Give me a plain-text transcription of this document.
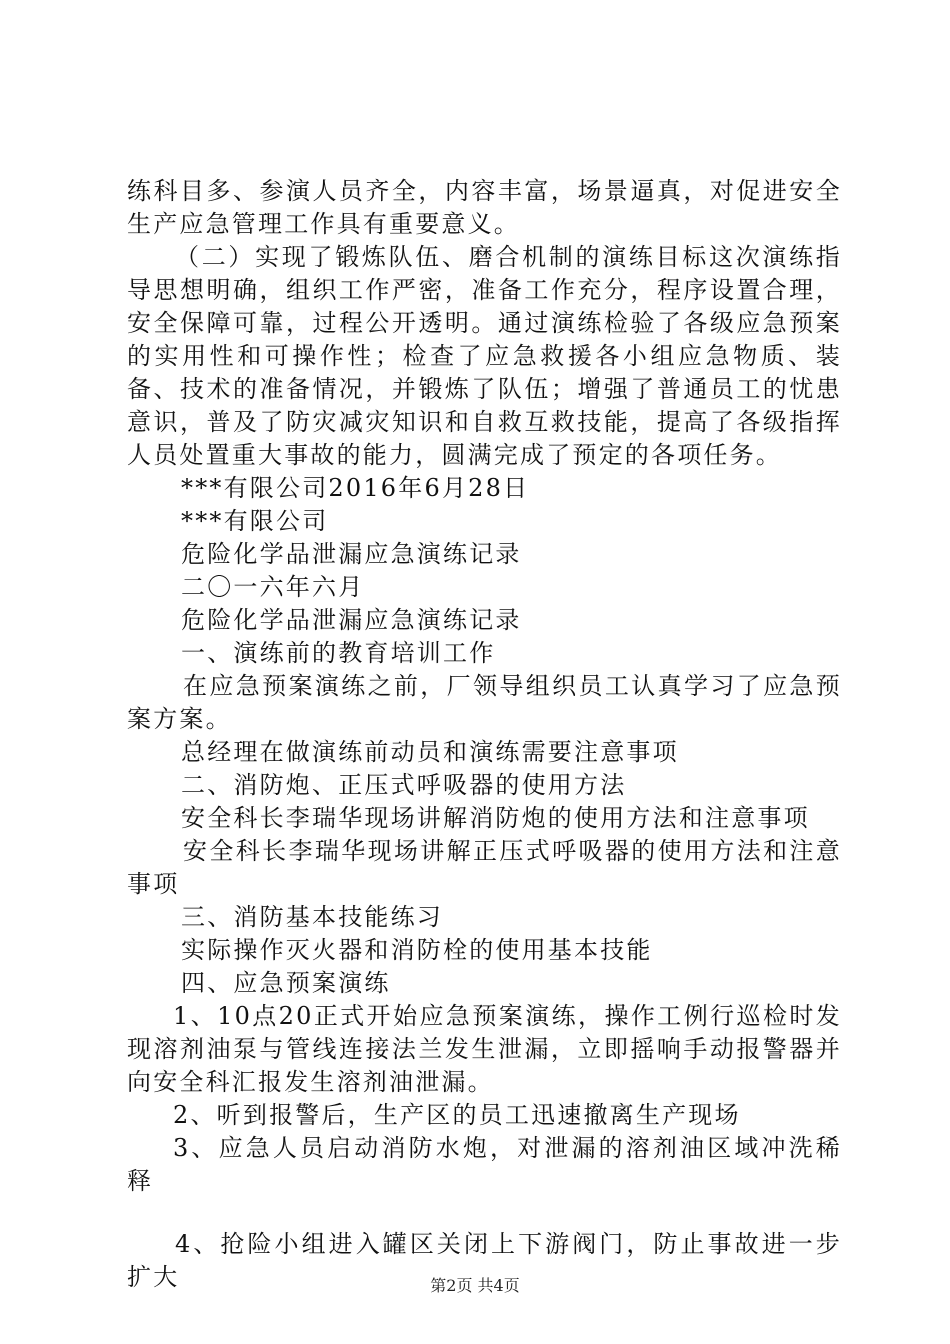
练科目多、参演人员齐全，内容丰富，场景逼真，对促进安全生产应急管理工作具有重要意义。

（二）实现了锻炼队伍、磨合机制的演练目标这次演练指导思想明确，组织工作严密，准备工作充分，程序设置合理，安全保障可靠，过程公开透明。通过演练检验了各级应急预案的实用性和可操作性；检查了应急救援各小组应急物质、装备、技术的准备情况，并锻炼了队伍；增强了普通员工的忧患意识，普及了防灾减灾知识和自救互救技能，提高了各级指挥人员处置重大事故的能力，圆满完成了预定的各项任务。

***有限公司2016年6月28日

***有限公司

危险化学品泄漏应急演练记录

二〇一六年六月

危险化学品泄漏应急演练记录

一、演练前的教育培训工作

在应急预案演练之前，厂领导组织员工认真学习了应急预案方案。

总经理在做演练前动员和演练需要注意事项

二、消防炮、正压式呼吸器的使用方法

安全科长李瑞华现场讲解消防炮的使用方法和注意事项

安全科长李瑞华现场讲解正压式呼吸器的使用方法和注意事项

三、消防基本技能练习

实际操作灭火器和消防栓的使用基本技能

四、应急预案演练

1、10点20正式开始应急预案演练，操作工例行巡检时发现溶剂油泵与管线连接法兰发生泄漏，立即摇响手动报警器并向安全科汇报发生溶剂油泄漏。

2、听到报警后，生产区的员工迅速撤离生产现场

3、应急人员启动消防水炮，对泄漏的溶剂油区域冲洗稀释

4、抢险小组进入罐区关闭上下游阀门，防止事故进一步扩大	第2页 共4页
